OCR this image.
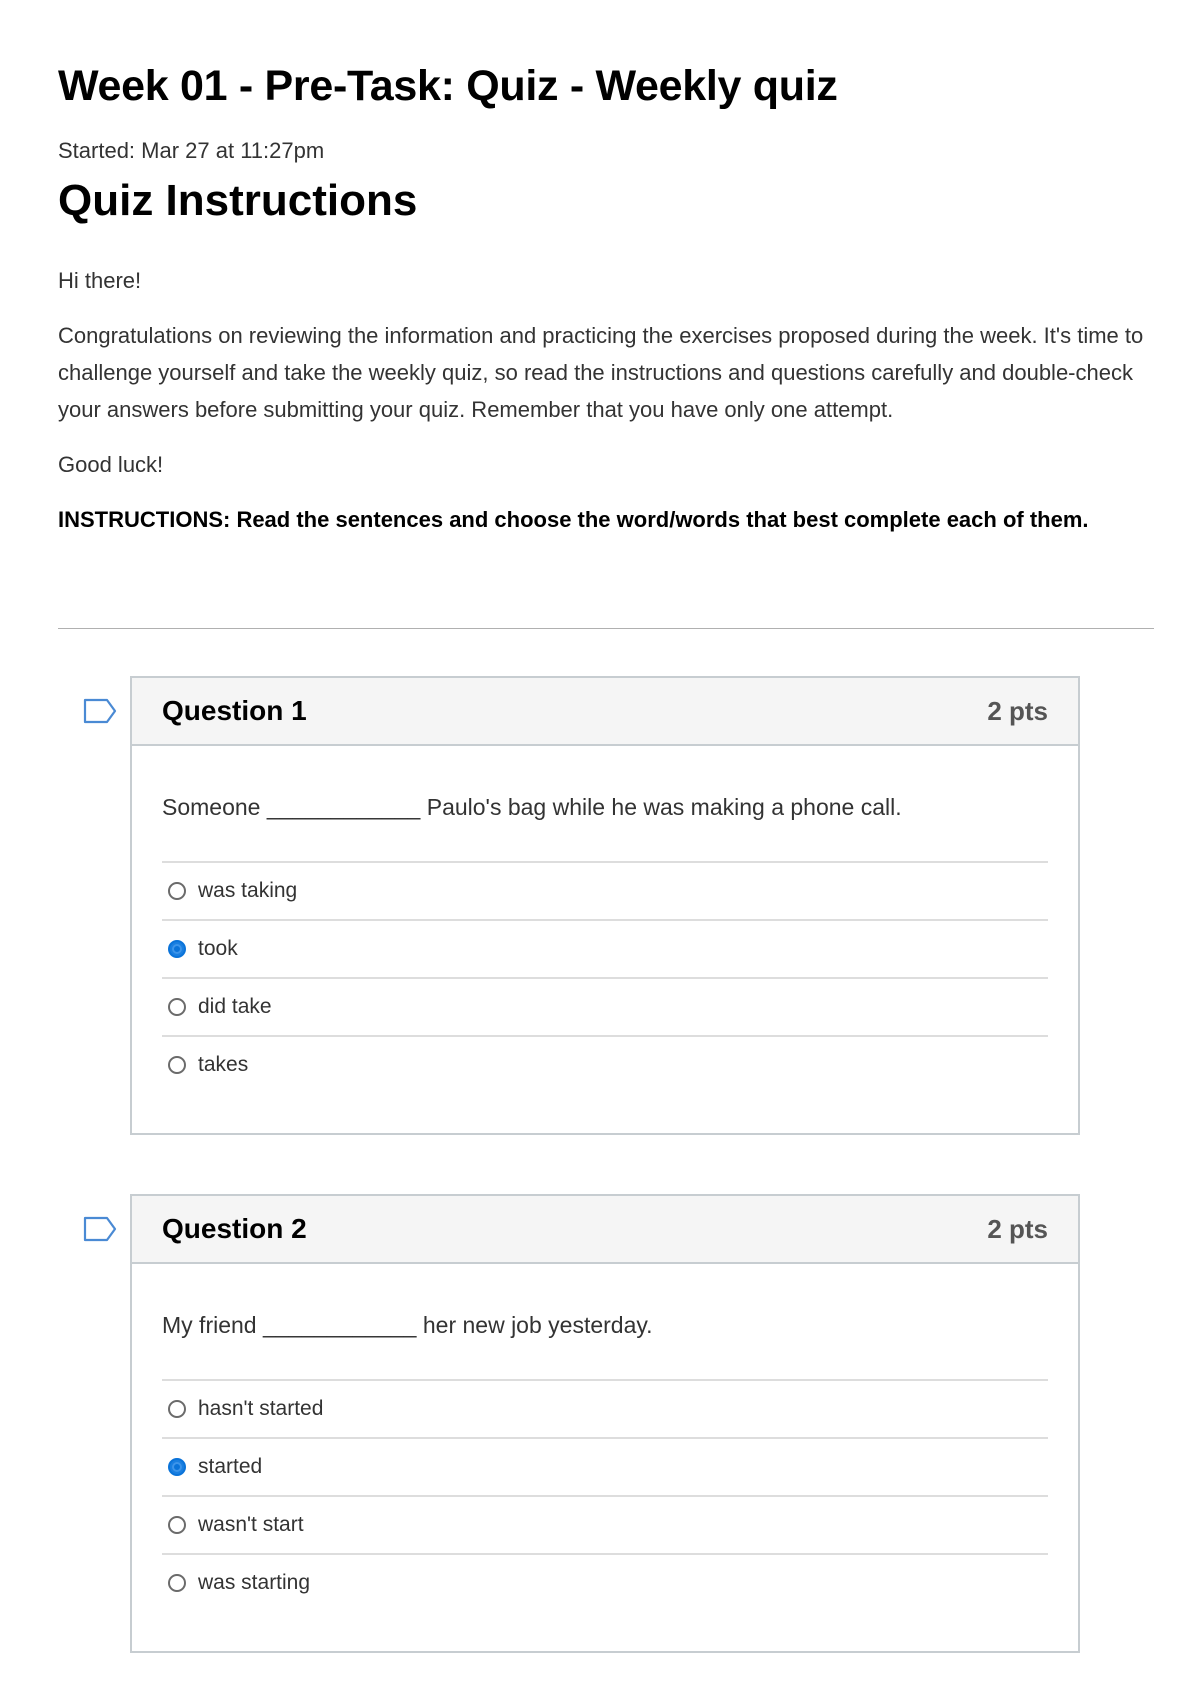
Week 01 - Pre-Task: Quiz - Weekly quiz
Started: Mar 27 at 11:27pm
Quiz Instructions

Hi there!

Congratulations on reviewing the information and practicing the exercises proposed during the week. It's time to challenge yourself and take the weekly quiz, so read the instructions and questions carefully and double-check your answers before submitting your quiz. Remember that you have only one attempt.

Good luck!

INSTRUCTIONS: Read the sentences and choose the word/words that best complete each of them.

Question 1	2 pts
Someone ____________ Paulo's bag while he was making a phone call.
was taking
took
did take
takes
Question 2	2 pts
My friend ____________ her new job yesterday.
hasn't started
started
wasn't start
was starting
